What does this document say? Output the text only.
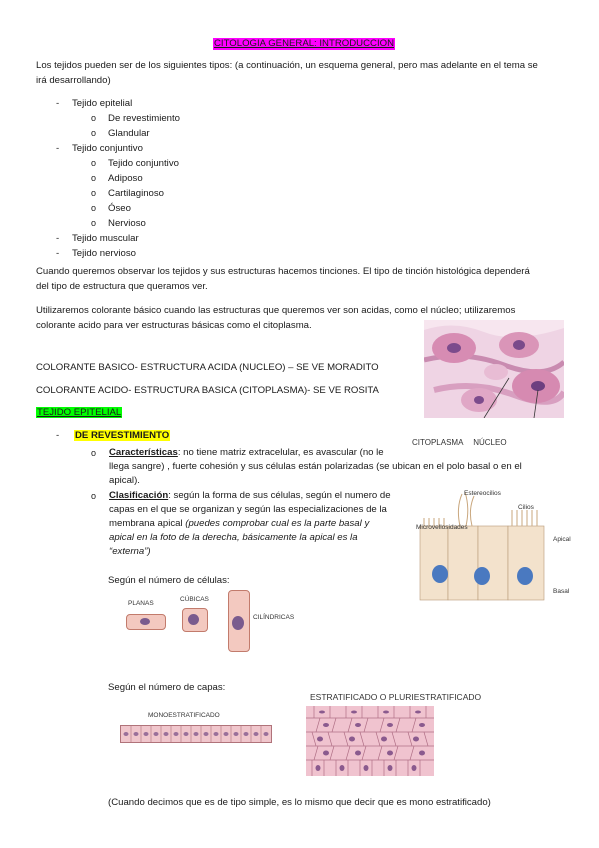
CITOLOGIA GENERAL: INTRODUCCION
Los tejidos pueden ser de los siguientes tipos: (a continuación, un esquema general, pero mas adelante en el tema se
irá desarrollando)
- Tejido epitelial
o De revestimiento
o Glandular
- Tejido conjuntivo
o Tejido conjuntivo
o Adiposo
o Cartilaginoso
o Óseo
o Nervioso
- Tejido muscular
- Tejido nervioso
Cuando queremos observar los tejidos y sus estructuras hacemos tinciones. El tipo de tinción histológica dependerá
del tipo de estructura que queramos ver.
Utilizaremos colorante básico cuando las estructuras que queremos ver son acidas, como el núcleo; utilizaremos
colorante acido para ver estructuras básicas como el citoplasma.
CITOPLASMA NÚCLEO
COLORANTE BASICO- ESTRUCTURA ACIDA (NUCLEO) – SE VE MORADITO
COLORANTE ACIDO- ESTRUCTURA BASICA (CITOPLASMA)- SE VE ROSITA
TEJIDO EPITELIAL
- DE REVESTIMIENTO
o Características: no tiene matriz extracelular, es avascular (no le
llega sangre) , fuerte cohesión y sus células están polarizadas (se ubican en el polo basal o en el
apical).
o Clasificación: según la forma de sus células, según el numero de
capas en el que se organizan y según las especializaciones de la
membrana apical (puedes comprobar cual es la parte basal y
apical en la foto de la derecha, básicamente la apical es la
“externa”)
Microvellosidades
Estereocilios
Cilios
Apical
Basal
Según el número de células:
PLANAS
CÚBICAS
CILÍNDRICAS
Según el número de capas:
MONOESTRATIFICADO
ESTRATIFICADO O PLURIESTRATIFICADO
(Cuando decimos que es de tipo simple, es lo mismo que decir que es mono estratificado)
